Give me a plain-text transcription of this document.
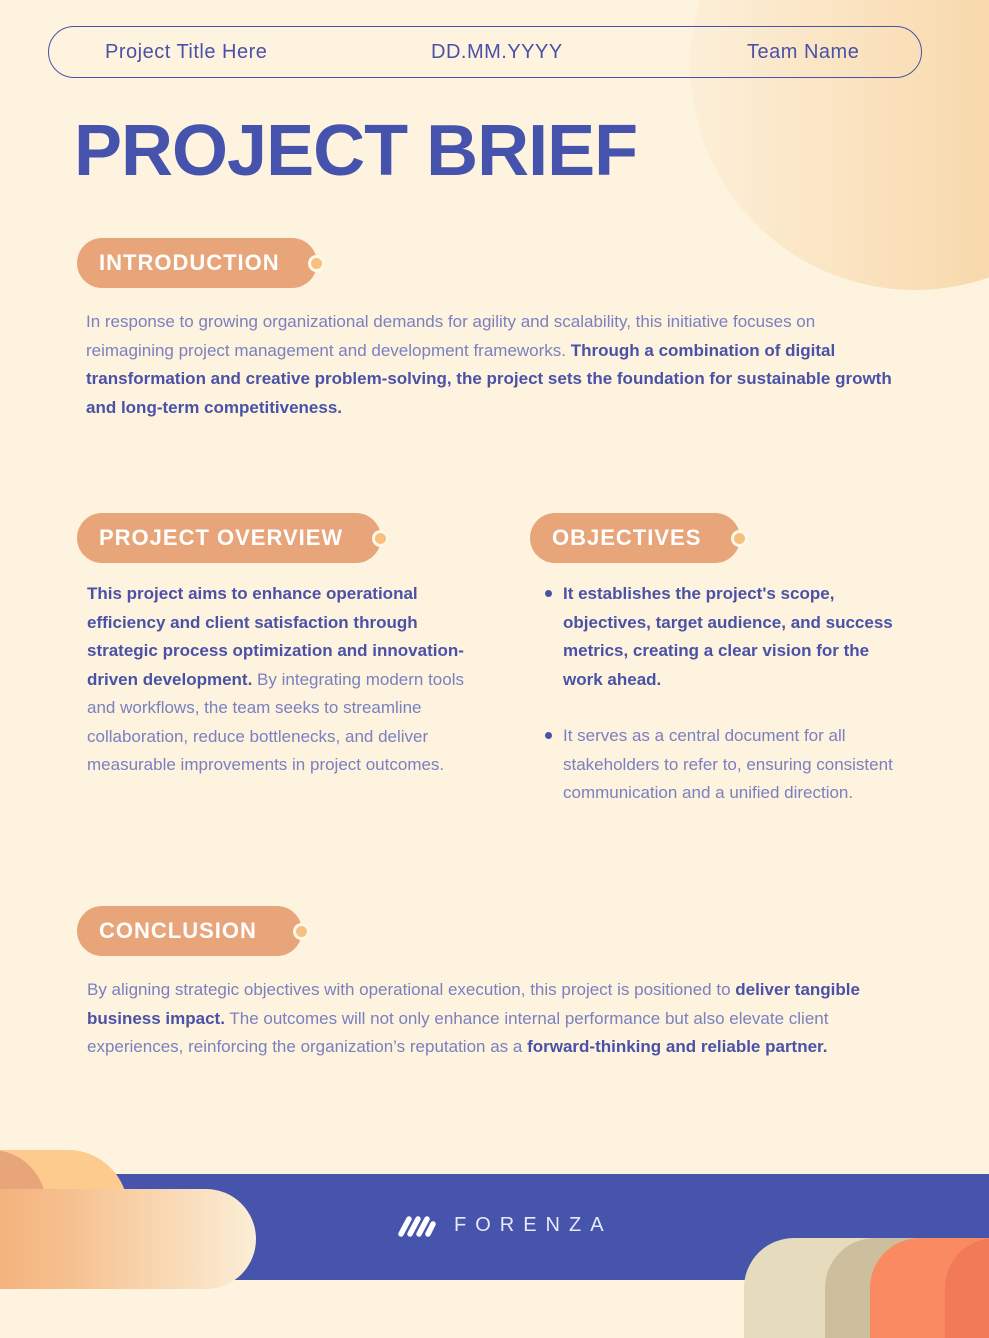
Project Title Here	DD.MM.YYYY	Team Name
PROJECT BRIEF
INTRODUCTION

In response to growing organizational demands for agility and scalability, this initiative focuses on reimagining project management and development frameworks. Through a combination of digital transformation and creative problem-solving, the project sets the foundation for sustainable growth and long-term competitiveness.

PROJECT OVERVIEW

This project aims to enhance operational efficiency and client satisfaction through strategic process optimization and innovation-driven development. By integrating modern tools and workflows, the team seeks to streamline collaboration, reduce bottlenecks, and deliver measurable improvements in project outcomes.

OBJECTIVES
It establishes the project's scope, objectives, target audience, and success metrics, creating a clear vision for the work ahead.
It serves as a central document for all stakeholders to refer to, ensuring consistent communication and a unified direction.
CONCLUSION

By aligning strategic objectives with operational execution, this project is positioned to deliver tangible business impact. The outcomes will not only enhance internal performance but also elevate client experiences, reinforcing the organization’s reputation as a forward-thinking and reliable partner.

FORENZA
